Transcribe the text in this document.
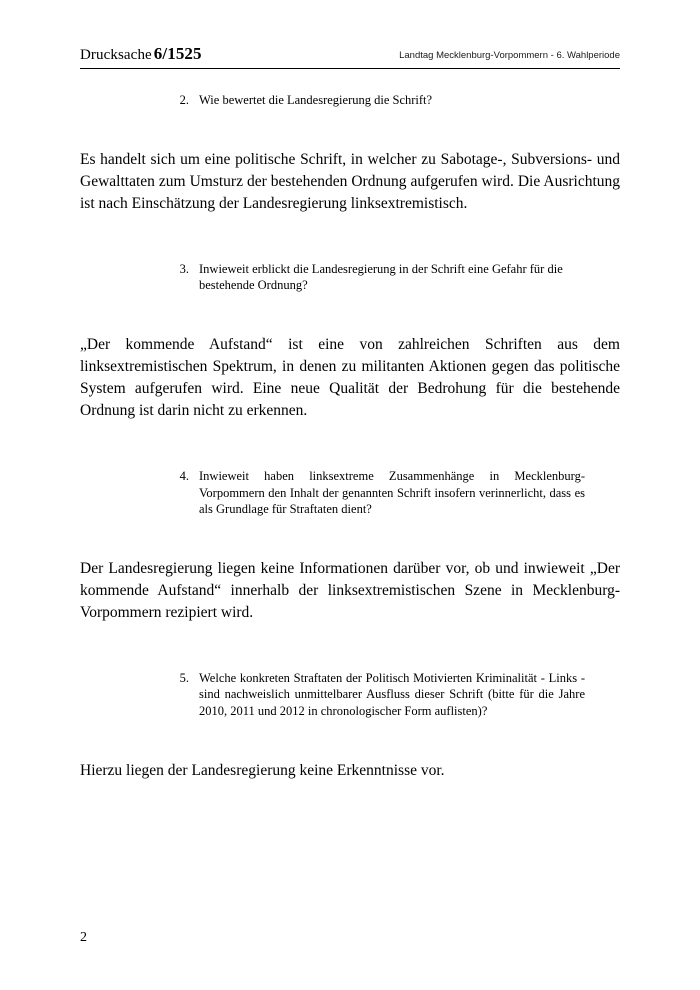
Drucksache 6/1525	Landtag Mecklenburg-Vorpommern - 6. Wahlperiode
2. Wie bewertet die Landesregierung die Schrift?
Es handelt sich um eine politische Schrift, in welcher zu Sabotage-, Subversions- und Gewalttaten zum Umsturz der bestehenden Ordnung aufgerufen wird. Die Ausrichtung ist nach Einschätzung der Landesregierung linksextremistisch.
3. Inwieweit erblickt die Landesregierung in der Schrift eine Gefahr für die bestehende Ordnung?
„Der kommende Aufstand“ ist eine von zahlreichen Schriften aus dem linksextremistischen Spektrum, in denen zu militanten Aktionen gegen das politische System aufgerufen wird. Eine neue Qualität der Bedrohung für die bestehende Ordnung ist darin nicht zu erkennen.
4. Inwieweit haben linksextreme Zusammenhänge in Mecklenburg-Vorpommern den Inhalt der genannten Schrift insofern verinnerlicht, dass es als Grundlage für Straftaten dient?
Der Landesregierung liegen keine Informationen darüber vor, ob und inwieweit „Der kommende Aufstand“ innerhalb der linksextremistischen Szene in Mecklenburg-Vorpommern rezipiert wird.
5. Welche konkreten Straftaten der Politisch Motivierten Kriminalität - Links - sind nachweislich unmittelbarer Ausfluss dieser Schrift (bitte für die Jahre 2010, 2011 und 2012 in chronologischer Form auflisten)?
Hierzu liegen der Landesregierung keine Erkenntnisse vor.
2
